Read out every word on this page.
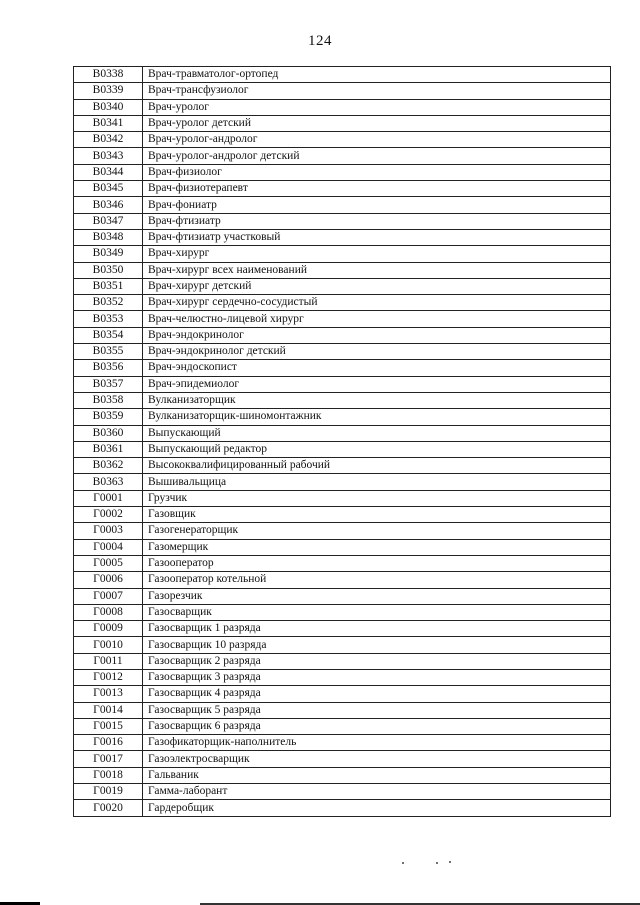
124
В0338	Врач-травматолог-ортопед
В0339	Врач-трансфузиолог
В0340	Врач-уролог
В0341	Врач-уролог детский
В0342	Врач-уролог-андролог
В0343	Врач-уролог-андролог детский
В0344	Врач-физиолог
В0345	Врач-физиотерапевт
В0346	Врач-фониатр
В0347	Врач-фтизиатр
В0348	Врач-фтизиатр участковый
В0349	Врач-хирург
В0350	Врач-хирург всех наименований
В0351	Врач-хирург детский
В0352	Врач-хирург сердечно-сосудистый
В0353	Врач-челюстно-лицевой хирург
В0354	Врач-эндокринолог
В0355	Врач-эндокринолог детский
В0356	Врач-эндоскопист
В0357	Врач-эпидемиолог
В0358	Вулканизаторщик
В0359	Вулканизаторщик-шиномонтажник
В0360	Выпускающий
В0361	Выпускающий редактор
В0362	Высококвалифицированный рабочий
В0363	Вышивальщица
Г0001	Грузчик
Г0002	Газовщик
Г0003	Газогенераторщик
Г0004	Газомерщик
Г0005	Газооператор
Г0006	Газооператор котельной
Г0007	Газорезчик
Г0008	Газосварщик
Г0009	Газосварщик 1 разряда
Г0010	Газосварщик 10 разряда
Г0011	Газосварщик 2 разряда
Г0012	Газосварщик 3 разряда
Г0013	Газосварщик 4 разряда
Г0014	Газосварщик 5 разряда
Г0015	Газосварщик 6 разряда
Г0016	Газофикаторщик-наполнитель
Г0017	Газоэлектросварщик
Г0018	Гальваник
Г0019	Гамма-лаборант
Г0020	Гардеробщик
